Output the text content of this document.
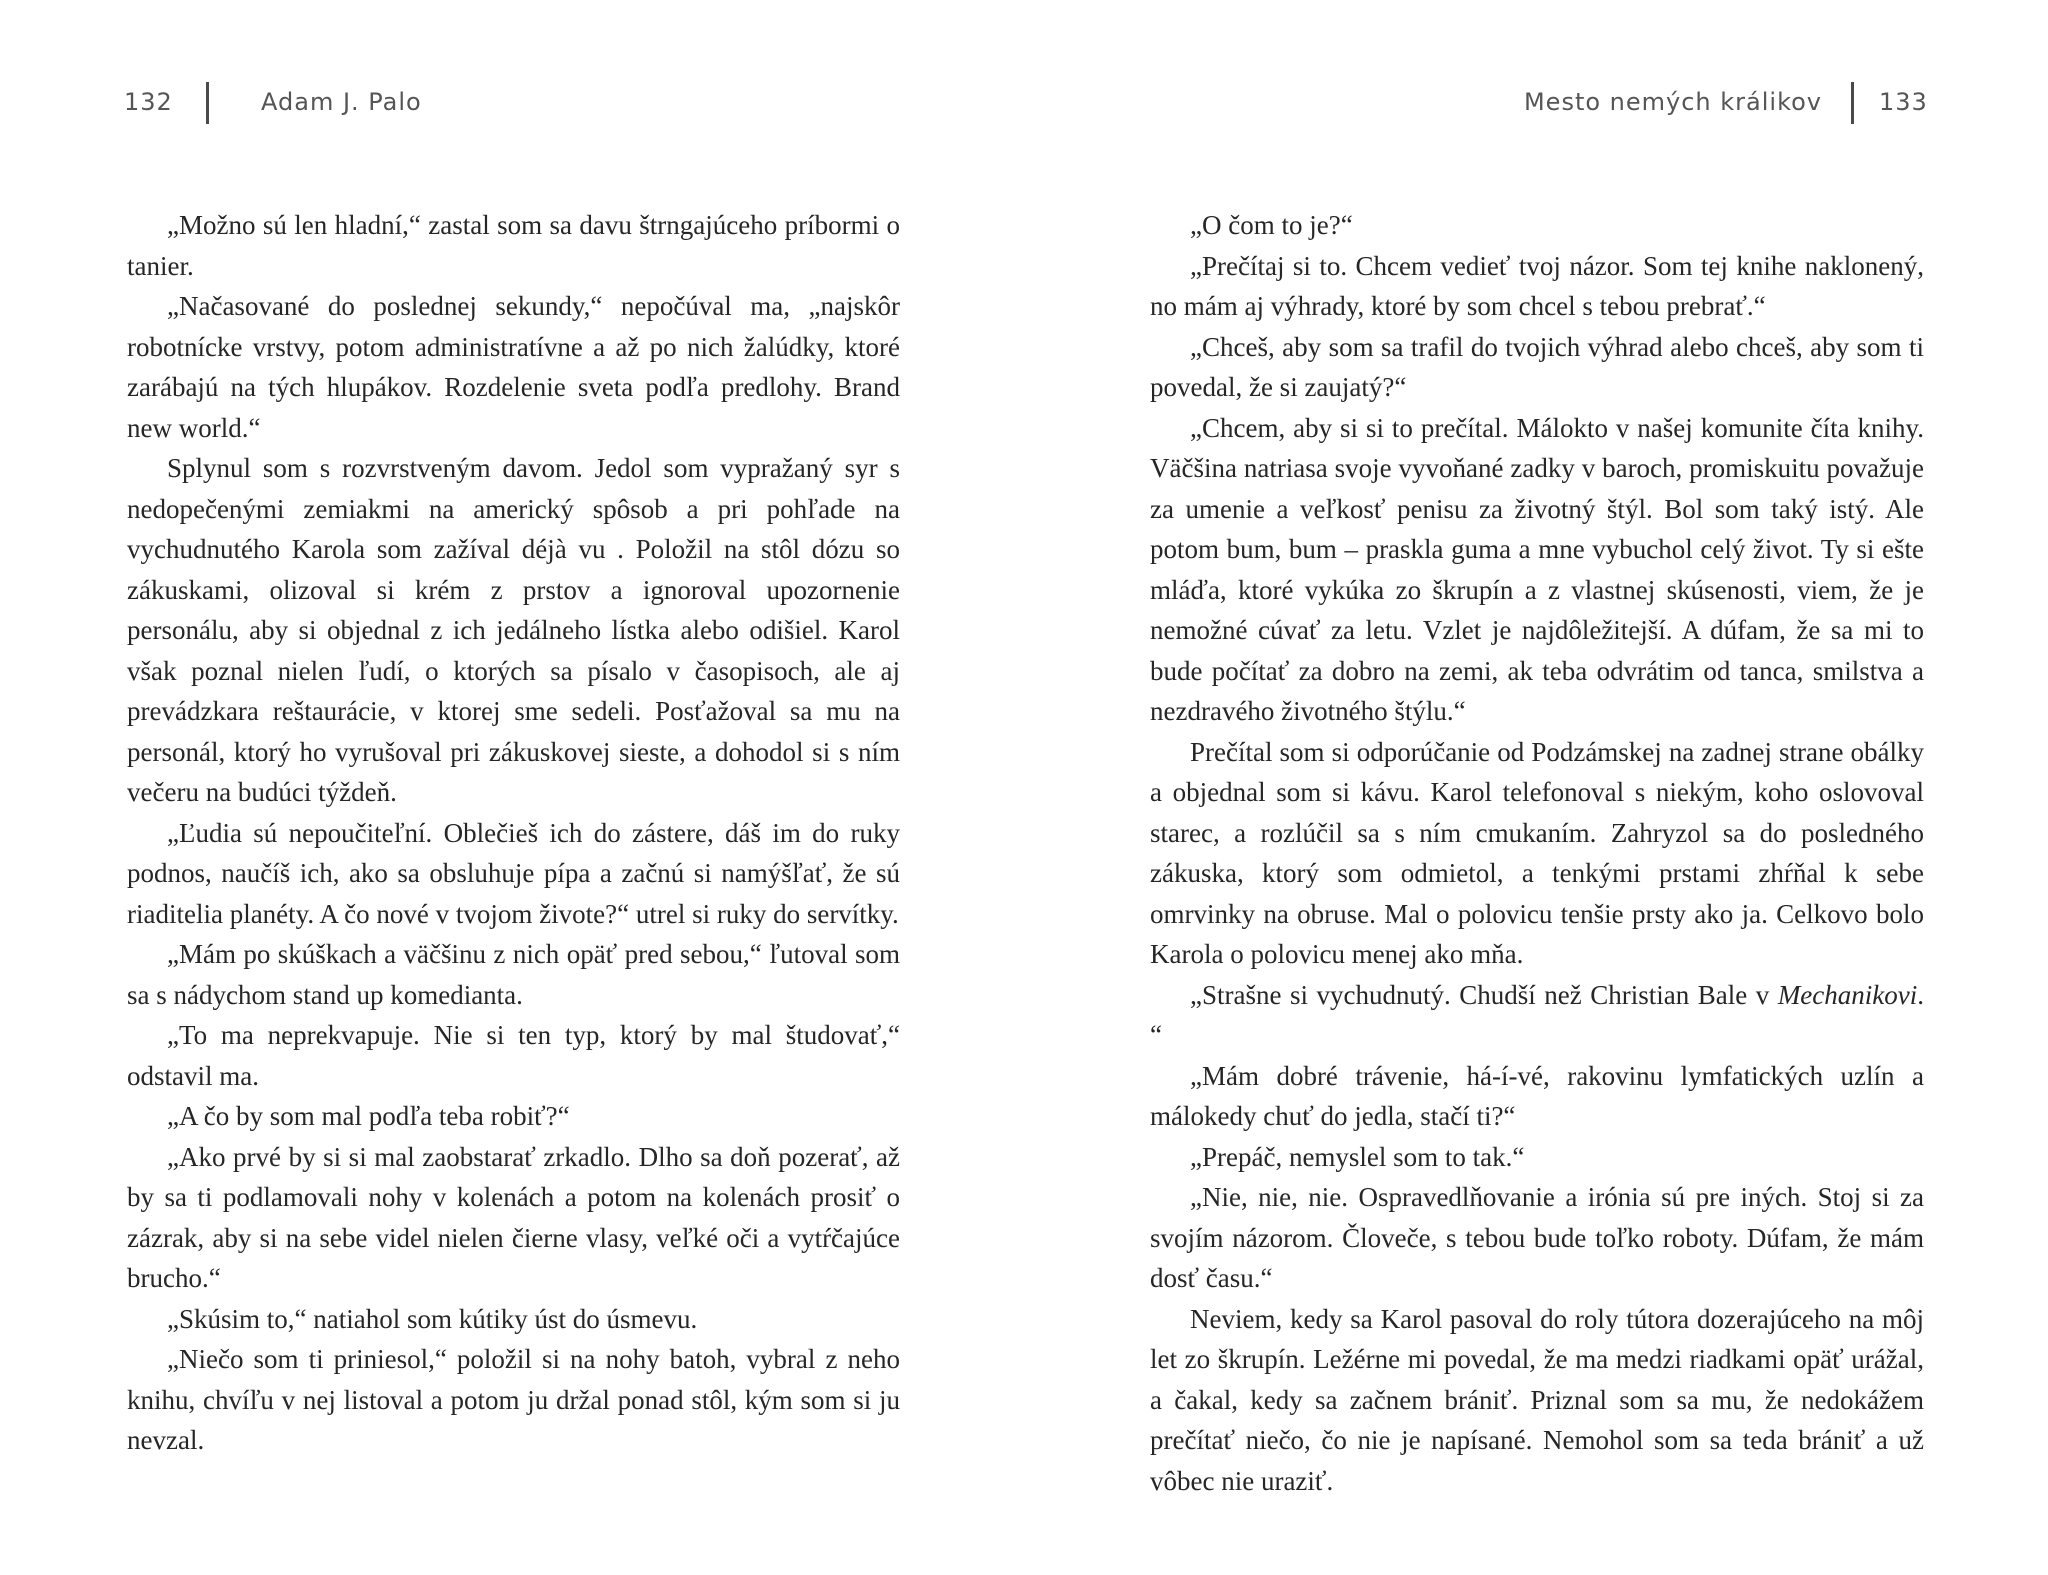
132	Adam J. Palo

„Možno sú len hladní,“ zastal som sa davu štrngajúceho príbormi o tanier.

„Načasované do poslednej sekundy,“ nepočúval ma, „najskôr robotnícke vrstvy, potom administratívne a až po nich žalúdky, ktoré zarábajú na tých hlupákov. Rozdelenie sveta podľa predlohy. Brand new world.“

Splynul som s rozvrstveným davom. Jedol som vypražaný syr s nedopečenými zemiakmi na americký spôsob a pri pohľade na vychudnutého Karola som zažíval déjà vu . Položil na stôl dózu so zákuskami, olizoval si krém z prstov a ignoroval upozornenie personálu, aby si objednal z ich jedálneho lístka alebo odišiel. Karol však poznal nielen ľudí, o ktorých sa písalo v časopisoch, ale aj prevádzkara reštaurácie, v ktorej sme sedeli. Posťažoval sa mu na personál, ktorý ho vyrušoval pri zákuskovej sieste, a dohodol si s ním večeru na budúci týždeň.

„Ľudia sú nepoučiteľní. Oblečieš ich do zástere, dáš im do ruky podnos, naučíš ich, ako sa obsluhuje pípa a začnú si namýšľať, že sú riaditelia planéty. A čo nové v tvojom živote?“ utrel si ruky do servítky.

„Mám po skúškach a väčšinu z nich opäť pred sebou,“ ľutoval som sa s nádychom stand up komedianta.

„To ma neprekvapuje. Nie si ten typ, ktorý by mal študovať,“ odstavil ma.

„A čo by som mal podľa teba robiť?“

„Ako prvé by si si mal zaobstarať zrkadlo. Dlho sa doň pozerať, až by sa ti podlamovali nohy v kolenách a potom na kolenách prosiť o zázrak, aby si na sebe videl nielen čierne vlasy, veľké oči a vytŕčajúce brucho.“

„Skúsim to,“ natiahol som kútiky úst do úsmevu.

„Niečo som ti priniesol,“ položil si na nohy batoh, vybral z neho knihu, chvíľu v nej listoval a potom ju držal ponad stôl, kým som si ju nevzal.

Mesto nemých králikov 133

„O čom to je?“

„Prečítaj si to. Chcem vedieť tvoj názor. Som tej knihe naklonený, no mám aj výhrady, ktoré by som chcel s tebou prebrať.“

„Chceš, aby som sa trafil do tvojich výhrad alebo chceš, aby som ti povedal, že si zaujatý?“

„Chcem, aby si si to prečítal. Málokto v našej komunite číta knihy. Väčšina natriasa svoje vyvoňané zadky v baroch, promiskuitu považuje za umenie a veľkosť penisu za životný štýl. Bol som taký istý. Ale potom bum, bum – praskla guma a mne vybuchol celý život. Ty si ešte mláďa, ktoré vykúka zo škrupín a z vlastnej skúsenosti, viem, že je nemožné cúvať za letu. Vzlet je najdôležitejší. A dúfam, že sa mi to bude počítať za dobro na zemi, ak teba odvrátim od tanca, smilstva a nezdravého životného štýlu.“

Prečítal som si odporúčanie od Podzámskej na zadnej strane obálky a objednal som si kávu. Karol telefonoval s niekým, koho oslovoval starec, a rozlúčil sa s ním cmukaním. Zahryzol sa do posledného zákuska, ktorý som odmietol, a tenkými prstami zhŕňal k sebe omrvinky na obruse. Mal o polovicu tenšie prsty ako ja. Celkovo bolo Karola o polovicu menej ako mňa.

„Strašne si vychudnutý. Chudší než Christian Bale v Mechanikovi. “

„Mám dobré trávenie, há-í-vé, rakovinu lymfatických uzlín a málokedy chuť do jedla, stačí ti?“

„Prepáč, nemyslel som to tak.“

„Nie, nie, nie. Ospravedlňovanie a irónia sú pre iných. Stoj si za svojím názorom. Človeče, s tebou bude toľko roboty. Dúfam, že mám dosť času.“

Neviem, kedy sa Karol pasoval do roly tútora dozerajúceho na môj let zo škrupín. Ležérne mi povedal, že ma medzi riadkami opäť urážal, a čakal, kedy sa začnem brániť. Priznal som sa mu, že nedokážem prečítať niečo, čo nie je napísané. Nemohol som sa teda brániť a už vôbec nie uraziť.
